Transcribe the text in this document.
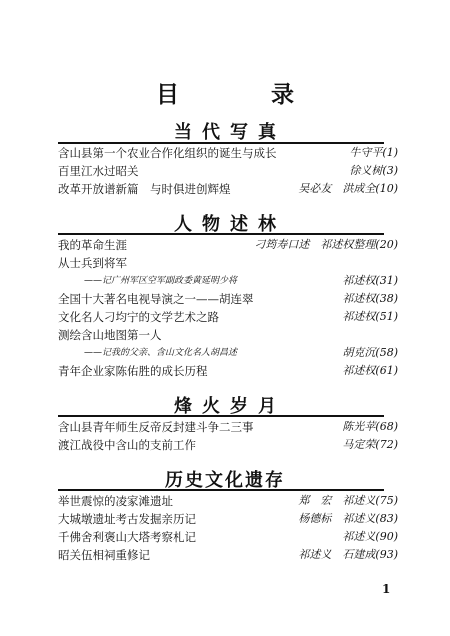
目 录
当代写真
含山县第一个农业合作化组织的诞生与成长	牛守平(1)
百里江水过昭关	徐义树(3)
改革开放谱新篇　与时俱进创辉煌	吴必友　洪成全(10)
人物述林
我的革命生涯	刁筠寿口述　祁述权整理(20)
从士兵到将军
——记广州军区空军副政委黄延明少将	祁述权(31)
全国十大著名电视导演之一——胡连翠	祁述权(38)
文化名人刁均宁的文学艺术之路	祁述权(51)
测绘含山地图第一人
——记我的父亲、含山文化名人胡昌述	胡克沉(58)
青年企业家陈佑胜的成长历程	祁述权(61)
烽火岁月
含山县青年师生反帝反封建斗争二三事	陈光苹(68)
渡江战役中含山的支前工作	马定荣(72)
历史文化遗存
举世震惊的凌家滩遗址	郑　宏　祁述义(75)
大城墩遗址考古发掘亲历记	杨德标　祁述义(83)
千佛舍利褒山大塔考察札记	祁述义(90)
昭关伍相祠重修记	祁述义　石建成(93)
1
